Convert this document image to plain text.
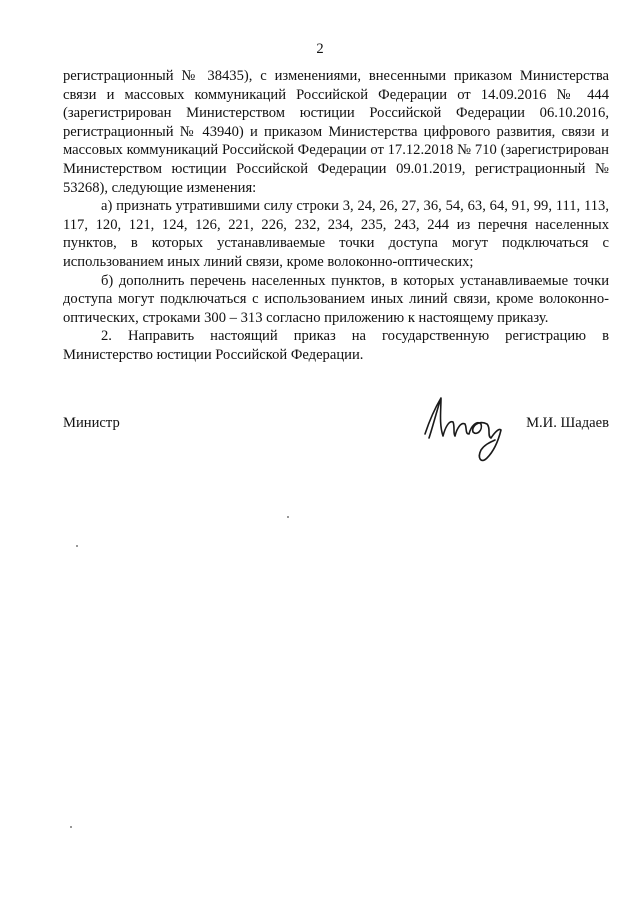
2

регистрационный № 38435), с изменениями, внесенными приказом Министерства связи и массовых коммуникаций Российской Федерации от 14.09.2016 № 444 (зарегистрирован Министерством юстиции Российской Федерации 06.10.2016, регистрационный № 43940) и приказом Министерства цифрового развития, связи и массовых коммуникаций Российской Федерации от 17.12.2018 № 710 (зарегистрирован Министерством юстиции Российской Федерации 09.01.2019, регистрационный № 53268), следующие изменения:

а) признать утратившими силу строки 3, 24, 26, 27, 36, 54, 63, 64, 91, 99, 111, 113, 117, 120, 121, 124, 126, 221, 226, 232, 234, 235, 243, 244 из перечня населенных пунктов, в которых устанавливаемые точки доступа могут подключаться с использованием иных линий связи, кроме волоконно-оптических;

б) дополнить перечень населенных пунктов, в которых устанавливаемые точки доступа могут подключаться с использованием иных линий связи, кроме волоконно-оптических, строками 300 – 313 согласно приложению к настоящему приказу.

2. Направить настоящий приказ на государственную регистрацию в Министерство юстиции Российской Федерации.

Министр	М.И. Шадаев
